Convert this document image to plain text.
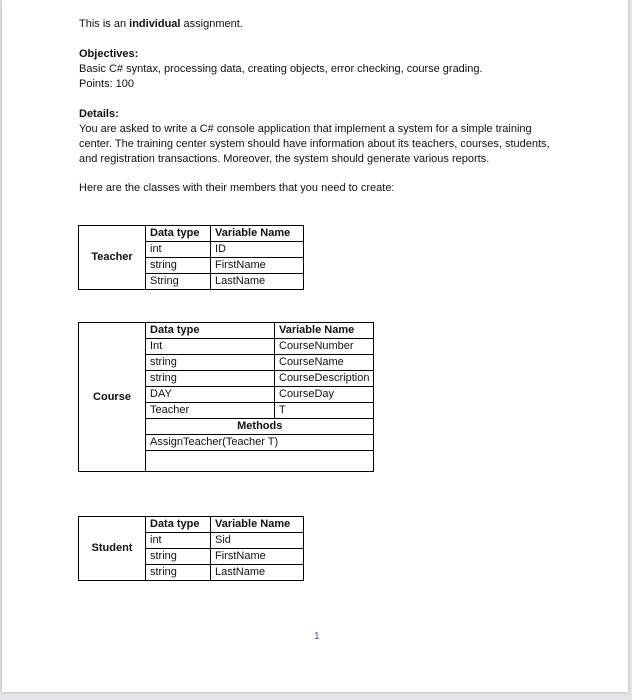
This is an individual assignment.
Objectives:
Basic C# syntax, processing data, creating objects, error checking, course grading.
Points: 100
Details:
You are asked to write a C# console application that implement a system for a simple training center. The training center system should have information about its teachers, courses, students, and registration transactions. Moreover, the system should generate various reports.
Here are the classes with their members that you need to create:
Teacher	Data type	Variable Name
	int	ID
	string	FirstName
	String	LastName
Course	Data type	Variable Name
	Int	CourseNumber
	string	CourseName
	string	CourseDescription
	DAY	CourseDay
	Teacher	T
	Methods	
	AssignTeacher(Teacher T)	

Student	Data type	Variable Name
	int	Sid
	string	FirstName
	string	LastName
1
